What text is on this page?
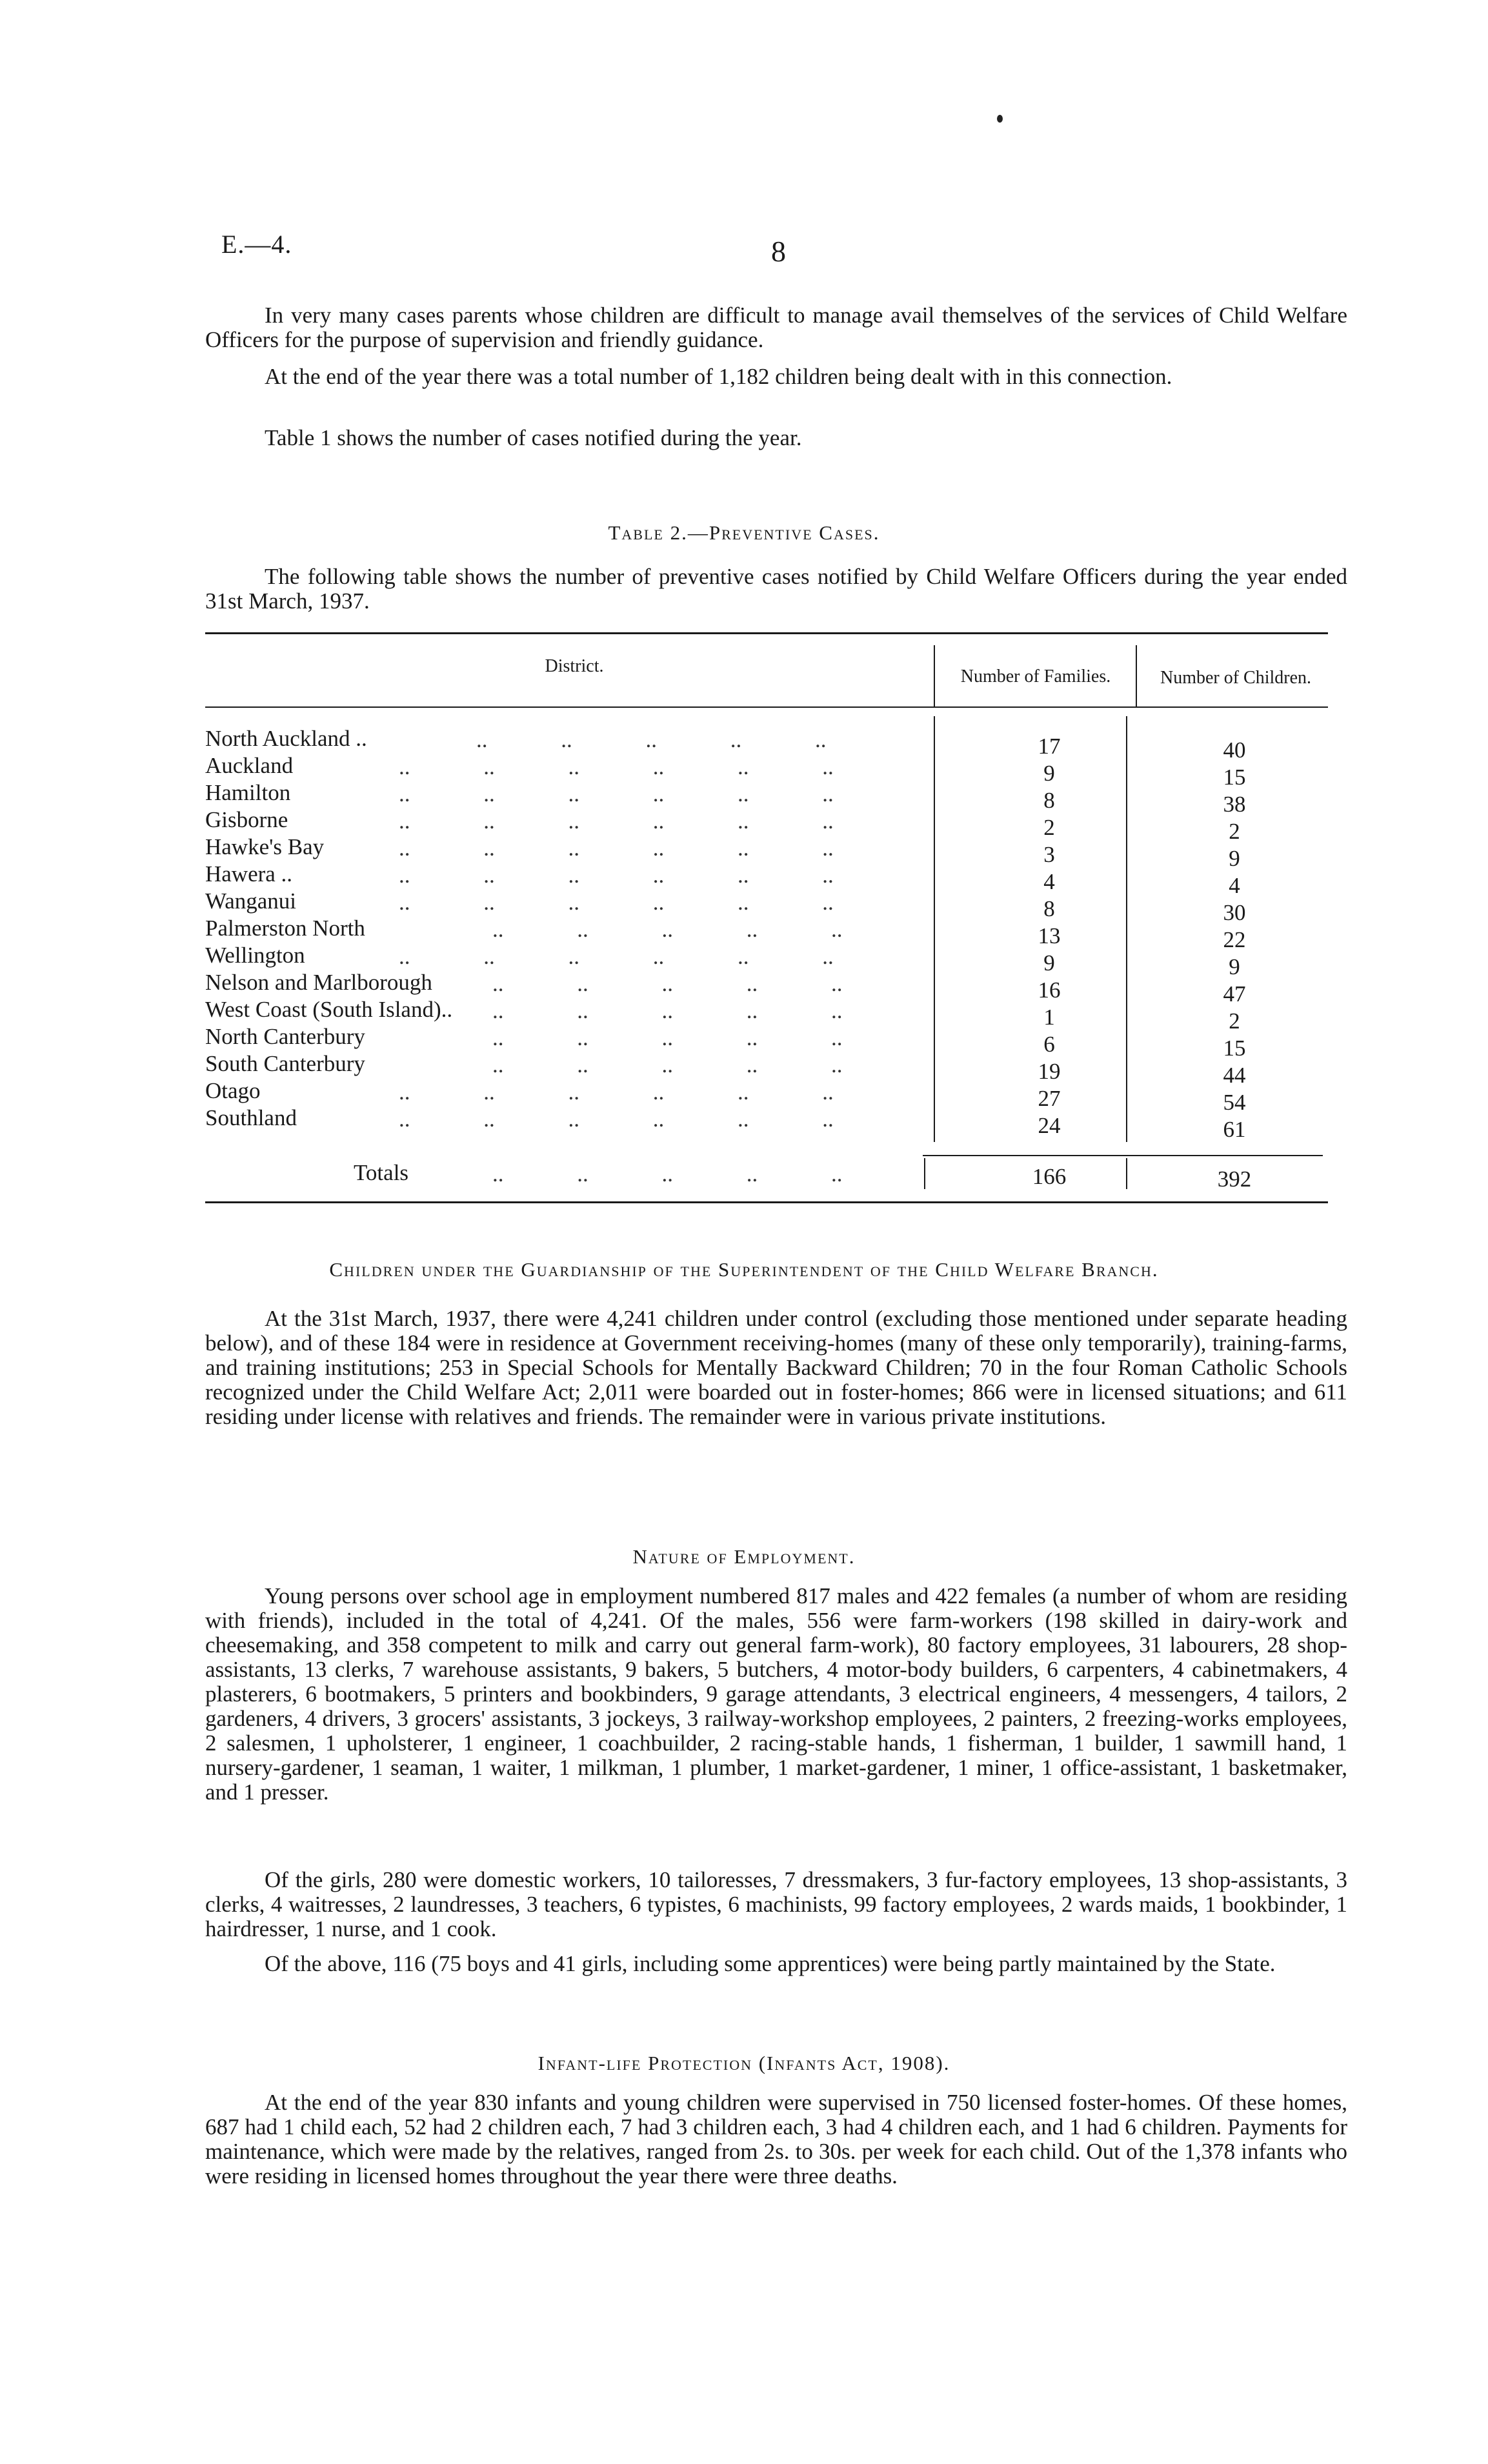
E.—4.	8

In very many cases parents whose children are difficult to manage avail themselves of the services of Child Welfare Officers for the purpose of supervision and friendly guidance.

At the end of the year there was a total number of 1,182 children being dealt with in this connection.

Table 1 shows the number of cases notified during the year.

Table 2.—Preventive Cases.

The following table shows the number of preventive cases notified by Child Welfare Officers during the year ended 31st March, 1937.

District.
Number of Families.	Number of Children.
North Auckland ..	..             ..             ..             ..             ..	17	40
Auckland	..             ..             ..             ..             ..             ..	9	15
Hamilton	..             ..             ..             ..             ..             ..	8	38
Gisborne	..             ..             ..             ..             ..             ..	2	2
Hawke's Bay	..             ..             ..             ..             ..             ..	3	9
Hawera ..	..             ..             ..             ..             ..             ..	4	4
Wanganui	..             ..             ..             ..             ..             ..	8	30
Palmerston North	..             ..             ..             ..             ..	13	22
Wellington	..             ..             ..             ..             ..             ..	9	9
Nelson and Marlborough	..             ..             ..             ..             ..	16	47
West Coast (South Island).. ..             ..             ..             ..             ..	1	2
North Canterbury	..             ..             ..             ..             ..	6	15
South Canterbury	..             ..             ..             ..             ..	19	44
Otago	..             ..             ..             ..             ..             ..	27	54
Southland	..             ..             ..             ..             ..             ..	24	61
Totals	..             ..             ..             ..             ..	166	392
Children under the Guardianship of the Superintendent of the Child Welfare Branch.

At the 31st March, 1937, there were 4,241 children under control (excluding those mentioned under separate heading below), and of these 184 were in residence at Government receiving-homes (many of these only temporarily), training-farms, and training institutions; 253 in Special Schools for Mentally Backward Children; 70 in the four Roman Catholic Schools recognized under the Child Welfare Act; 2,011 were boarded out in foster-homes; 866 were in licensed situations; and 611 residing under license with relatives and friends. The remainder were in various private institutions.

Nature of Employment.

Young persons over school age in employment numbered 817 males and 422 females (a number of whom are residing with friends), included in the total of 4,241. Of the males, 556 were farm-workers (198 skilled in dairy-work and cheesemaking, and 358 competent to milk and carry out general farm-work), 80 factory employees, 31 labourers, 28 shop-assistants, 13 clerks, 7 warehouse assistants, 9 bakers, 5 butchers, 4 motor-body builders, 6 carpenters, 4 cabinetmakers, 4 plasterers, 6 bootmakers, 5 printers and bookbinders, 9 garage attendants, 3 electrical engineers, 4 messengers, 4 tailors, 2 gardeners, 4 drivers, 3 grocers' assistants, 3 jockeys, 3 railway-workshop employees, 2 painters, 2 freezing-works employees, 2 salesmen, 1 upholsterer, 1 engineer, 1 coachbuilder, 2 racing-stable hands, 1 fisherman, 1 builder, 1 sawmill hand, 1 nursery-gardener, 1 seaman, 1 waiter, 1 milkman, 1 plumber, 1 market-gardener, 1 miner, 1 office-assistant, 1 basketmaker, and 1 presser.

Of the girls, 280 were domestic workers, 10 tailoresses, 7 dressmakers, 3 fur-factory employees, 13 shop-assistants, 3 clerks, 4 waitresses, 2 laundresses, 3 teachers, 6 typistes, 6 machinists, 99 factory employees, 2 wards maids, 1 bookbinder, 1 hairdresser, 1 nurse, and 1 cook.

Of the above, 116 (75 boys and 41 girls, including some apprentices) were being partly maintained by the State.

Infant-life Protection (Infants Act, 1908).

At the end of the year 830 infants and young children were supervised in 750 licensed foster-homes. Of these homes, 687 had 1 child each, 52 had 2 children each, 7 had 3 children each, 3 had 4 children each, and 1 had 6 children. Payments for maintenance, which were made by the relatives, ranged from 2s. to 30s. per week for each child. Out of the 1,378 infants who were residing in licensed homes throughout the year there were three deaths.
